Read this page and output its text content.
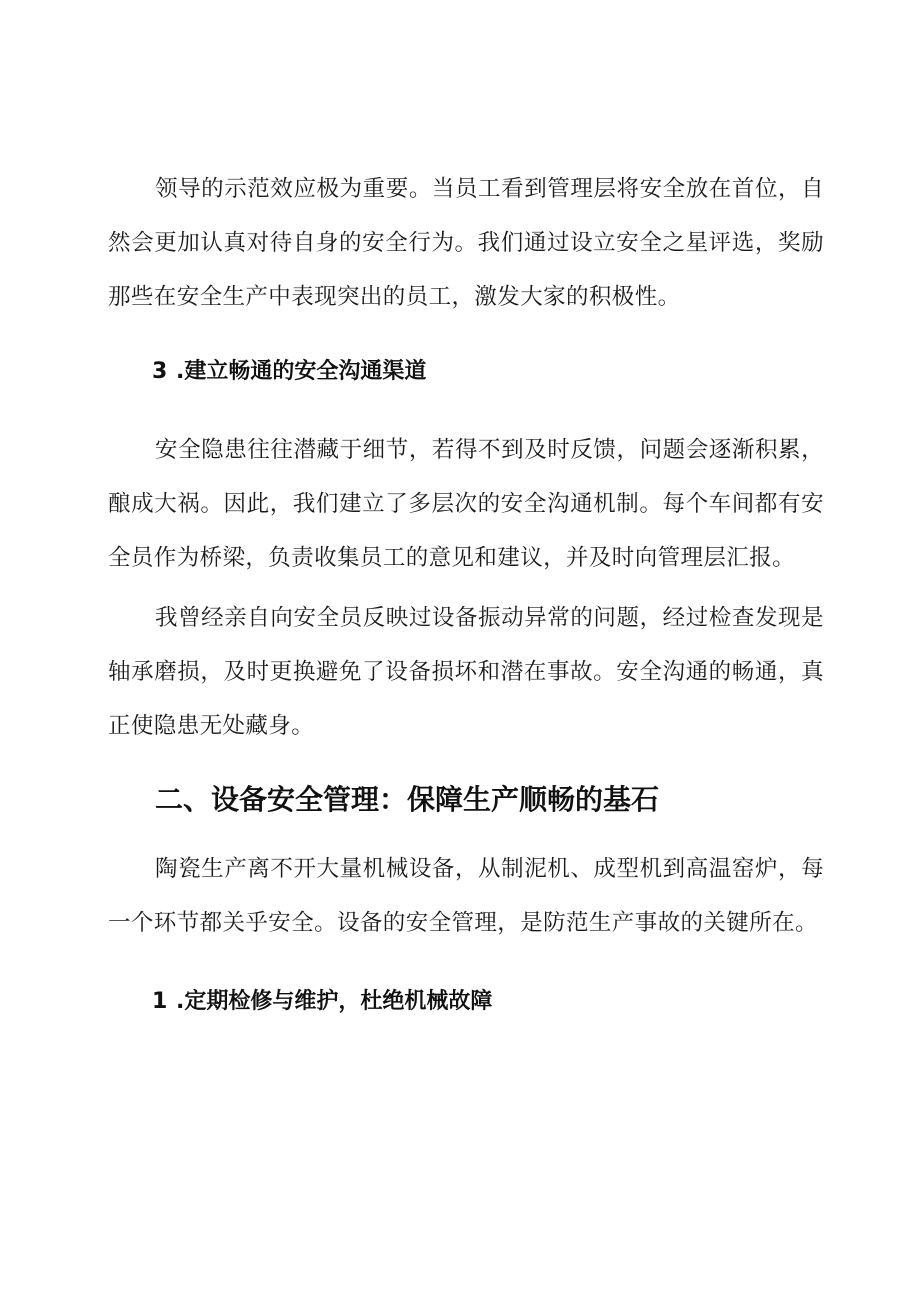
领导的示范效应极为重要。当员工看到管理层将安全放在首位，自然会更加认真对待自身的安全行为。我们通过设立安全之星评选，奖励那些在安全生产中表现突出的员工，激发大家的积极性。

3 .建立畅通的安全沟通渠道

安全隐患往往潜藏于细节，若得不到及时反馈，问题会逐渐积累，酿成大祸。因此，我们建立了多层次的安全沟通机制。每个车间都有安全员作为桥梁，负责收集员工的意见和建议，并及时向管理层汇报。

我曾经亲自向安全员反映过设备振动异常的问题，经过检查发现是轴承磨损，及时更换避免了设备损坏和潜在事故。安全沟通的畅通，真正使隐患无处藏身。

二、设备安全管理：保障生产顺畅的基石

陶瓷生产离不开大量机械设备，从制泥机、成型机到高温窑炉，每一个环节都关乎安全。设备的安全管理，是防范生产事故的关键所在。

1 .定期检修与维护，杜绝机械故障
